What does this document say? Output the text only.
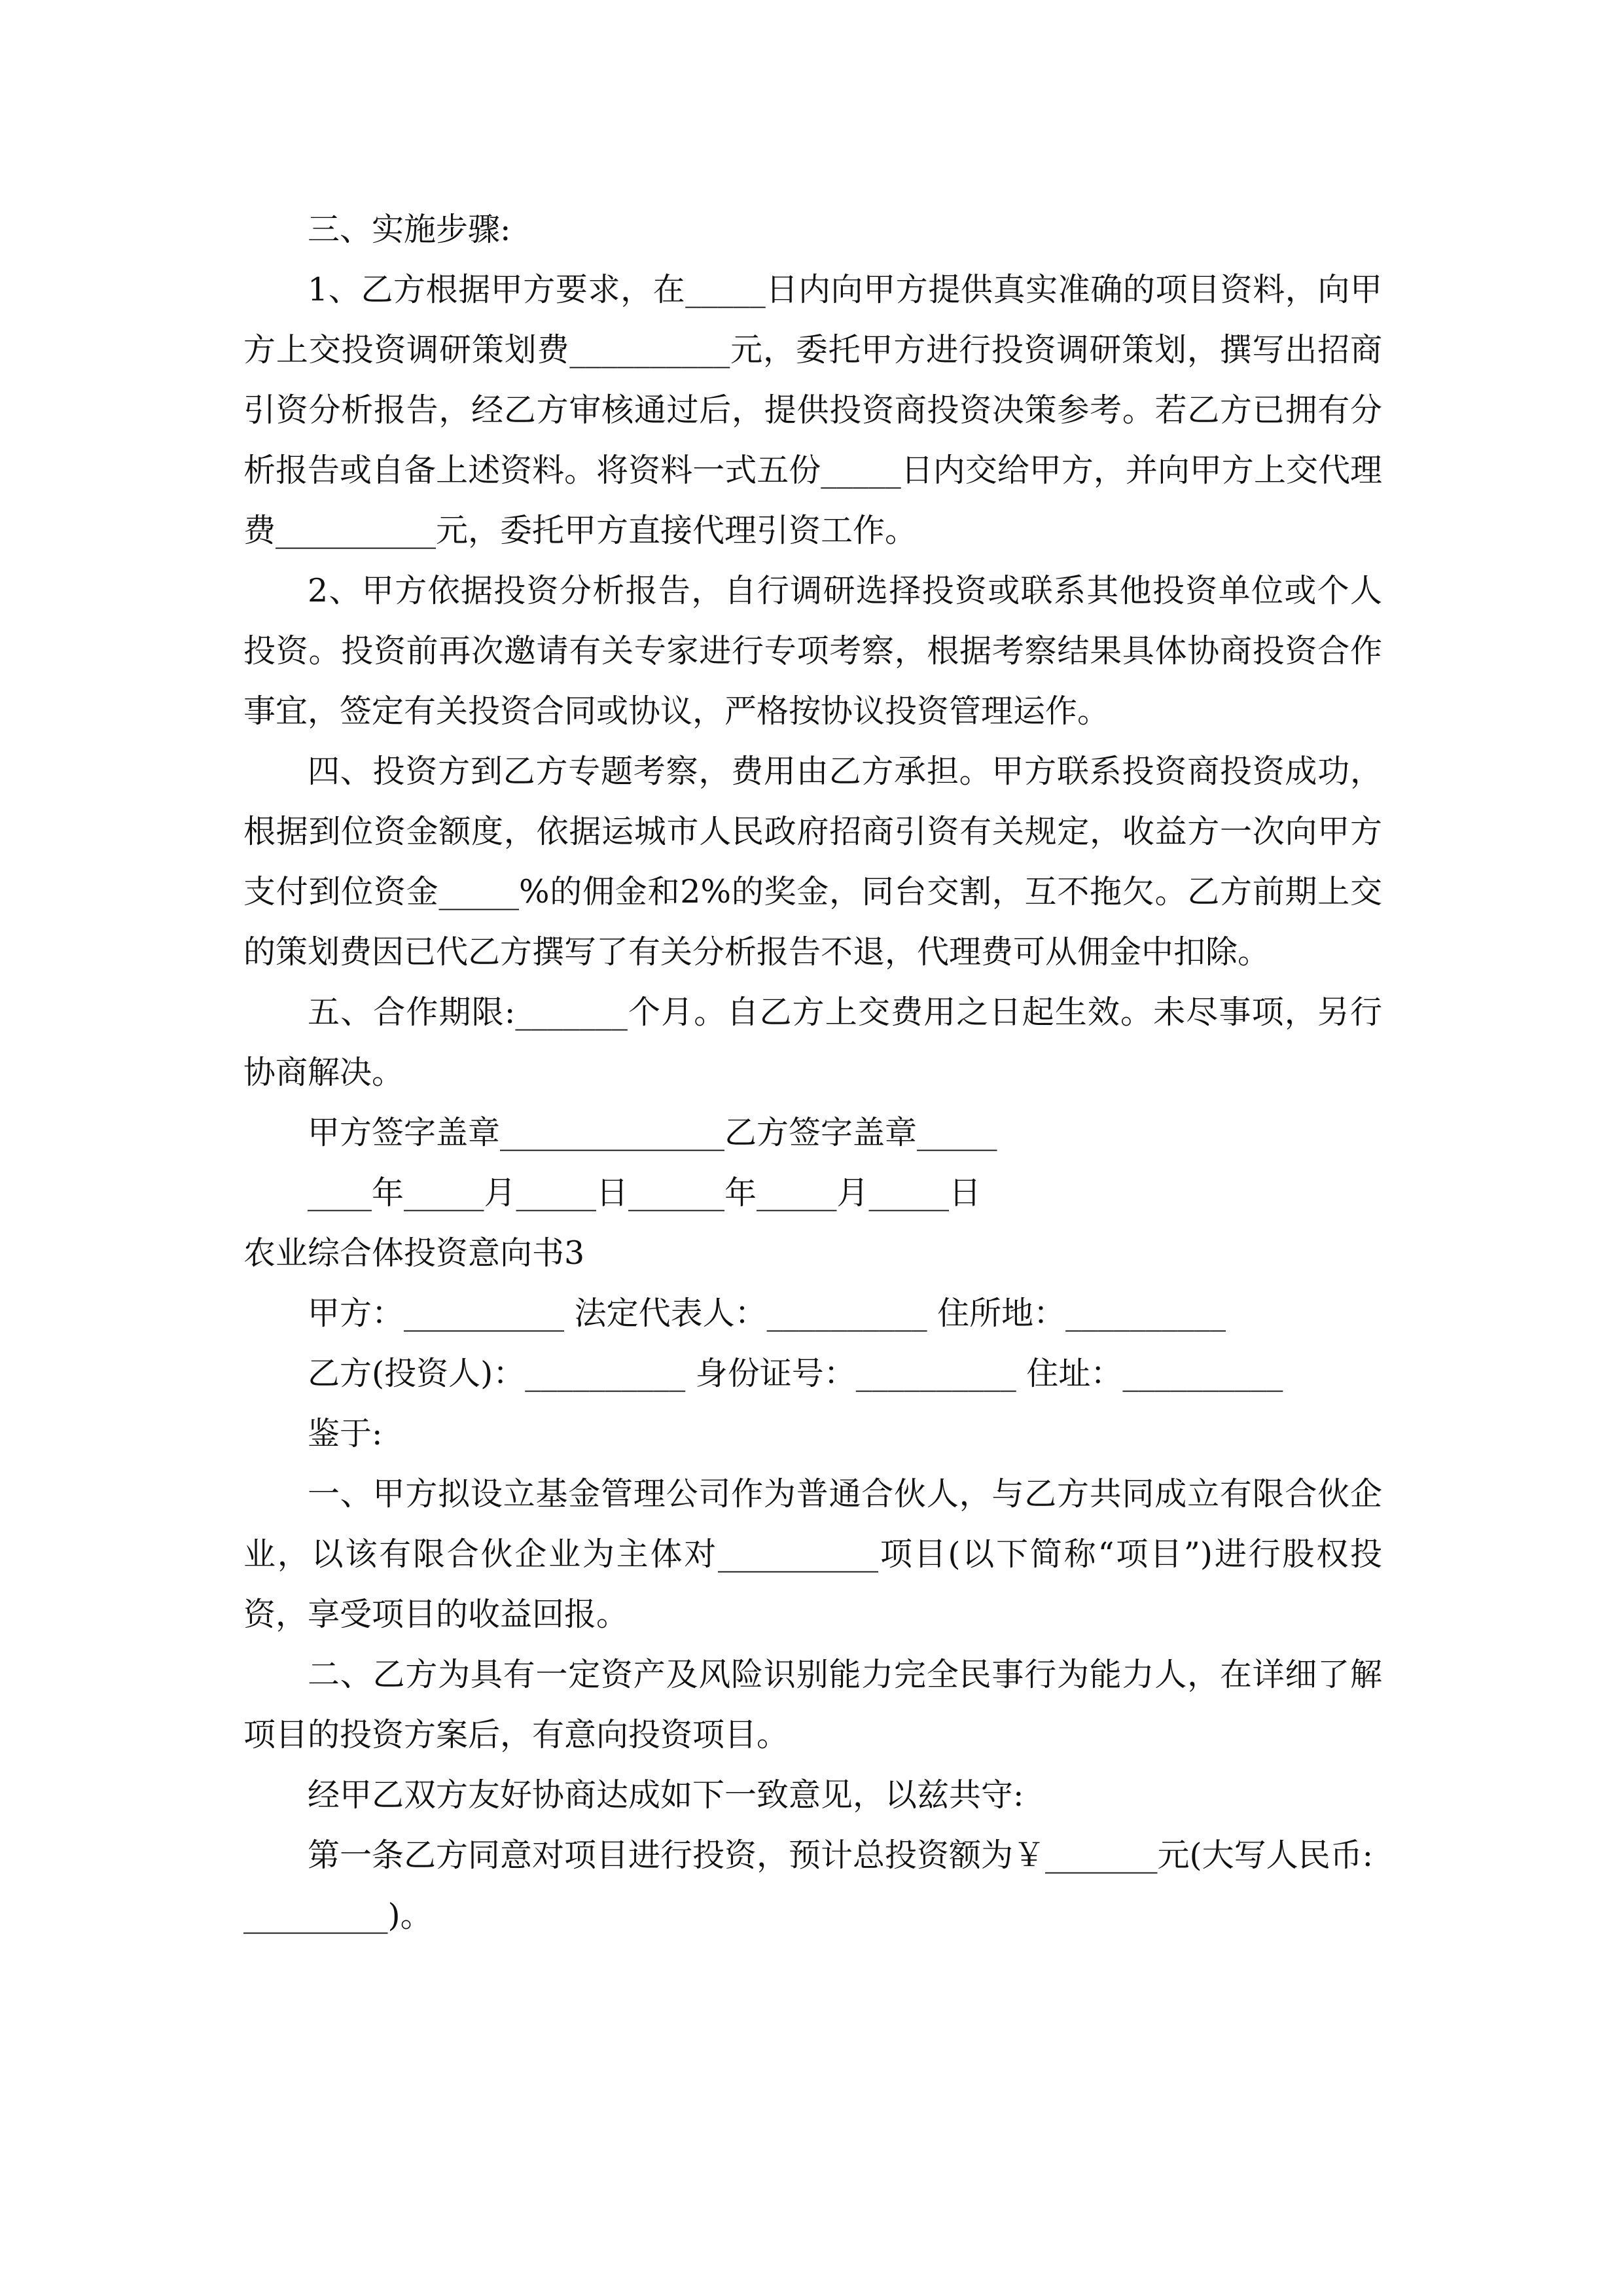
三、实施步骤:

1、乙方根据甲方要求，在_____日内向甲方提供真实准确的项目资料，向甲方上交投资调研策划费__________元，委托甲方进行投资调研策划，撰写出招商引资分析报告，经乙方审核通过后，提供投资商投资决策参考。若乙方已拥有分析报告或自备上述资料。将资料一式五份_____日内交给甲方，并向甲方上交代理费__________元，委托甲方直接代理引资工作。

2、甲方依据投资分析报告，自行调研选择投资或联系其他投资单位或个人投资。投资前再次邀请有关专家进行专项考察，根据考察结果具体协商投资合作事宜，签定有关投资合同或协议，严格按协议投资管理运作。

四、投资方到乙方专题考察，费用由乙方承担。甲方联系投资商投资成功，根据到位资金额度，依据运城市人民政府招商引资有关规定，收益方一次向甲方支付到位资金_____%的佣金和2%的奖金，同台交割，互不拖欠。乙方前期上交的策划费因已代乙方撰写了有关分析报告不退，代理费可从佣金中扣除。

五、合作期限:_______个月。自乙方上交费用之日起生效。未尽事项，另行协商解决。

甲方签字盖章______________乙方签字盖章_____

____年_____月_____日______年_____月_____日

农业综合体投资意向书3

甲方：__________ 法定代表人：__________ 住所地：__________

乙方(投资人)：__________ 身份证号：__________ 住址：__________

鉴于:

一、甲方拟设立基金管理公司作为普通合伙人，与乙方共同成立有限合伙企业，以该有限合伙企业为主体对__________项目(以下简称“项目”)进行股权投资，享受项目的收益回报。

二、乙方为具有一定资产及风险识别能力完全民事行为能力人，在详细了解项目的投资方案后，有意向投资项目。

经甲乙双方友好协商达成如下一致意见，以兹共守:

第一条乙方同意对项目进行投资，预计总投资额为￥_______元(大写人民币:

_________)。
